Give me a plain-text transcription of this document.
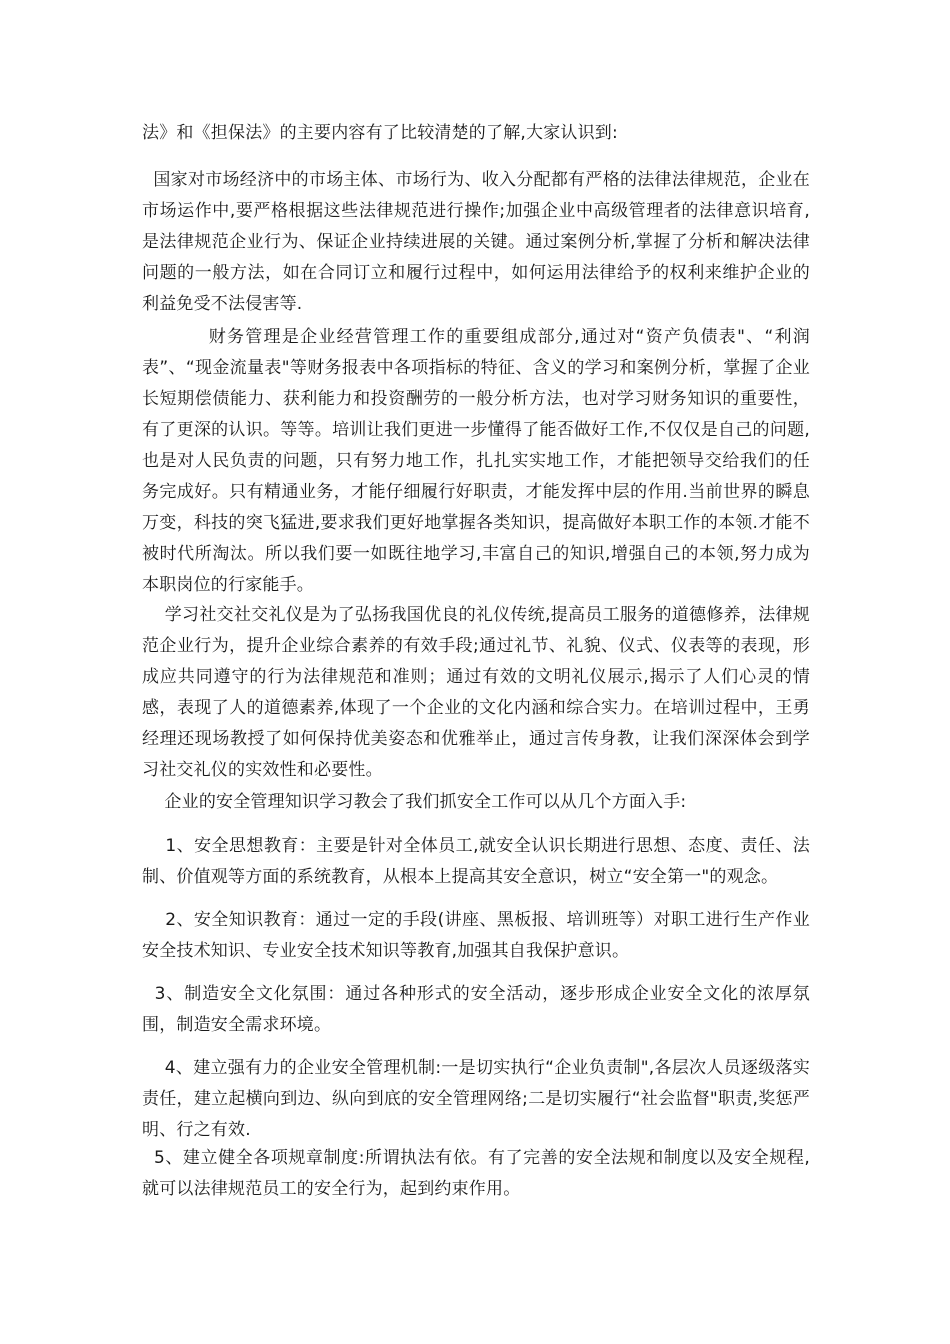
法》和《担保法》的主要内容有了比较清楚的了解,大家认识到:

国家对市场经济中的市场主体、市场行为、收入分配都有严格的法律法律规范，企业在市场运作中,要严格根据这些法律规范进行操作;加强企业中高级管理者的法律意识培育,是法律规范企业行为、保证企业持续进展的关键。通过案例分析,掌握了分析和解决法律问题的一般方法，如在合同订立和履行过程中，如何运用法律给予的权利来维护企业的利益免受不法侵害等.

财务管理是企业经营管理工作的重要组成部分,通过对“资产负债表"、“利润表”、“现金流量表"等财务报表中各项指标的特征、含义的学习和案例分析，掌握了企业长短期偿债能力、获利能力和投资酬劳的一般分析方法，也对学习财务知识的重要性，有了更深的认识。等等。培训让我们更进一步懂得了能否做好工作,不仅仅是自己的问题,也是对人民负责的问题，只有努力地工作，扎扎实实地工作，才能把领导交给我们的任务完成好。只有精通业务，才能仔细履行好职责，才能发挥中层的作用.当前世界的瞬息万变，科技的突飞猛进,要求我们更好地掌握各类知识，提高做好本职工作的本领.才能不被时代所淘汰。所以我们要一如既往地学习,丰富自己的知识,增强自己的本领,努力成为本职岗位的行家能手。

学习社交社交礼仪是为了弘扬我国优良的礼仪传统,提高员工服务的道德修养，法律规范企业行为，提升企业综合素养的有效手段;通过礼节、礼貌、仪式、仪表等的表现，形成应共同遵守的行为法律规范和准则；通过有效的文明礼仪展示,揭示了人们心灵的情感，表现了人的道德素养,体现了一个企业的文化内涵和综合实力。在培训过程中，王勇经理还现场教授了如何保持优美姿态和优雅举止，通过言传身教，让我们深深体会到学习社交礼仪的实效性和必要性。

企业的安全管理知识学习教会了我们抓安全工作可以从几个方面入手:

1、安全思想教育：主要是针对全体员工,就安全认识长期进行思想、态度、责任、法制、价值观等方面的系统教育，从根本上提高其安全意识，树立“安全第一"的观念。

2、安全知识教育：通过一定的手段(讲座、黑板报、培训班等）对职工进行生产作业安全技术知识、专业安全技术知识等教育,加强其自我保护意识。

3、制造安全文化氛围：通过各种形式的安全活动，逐步形成企业安全文化的浓厚氛围，制造安全需求环境。

4、建立强有力的企业安全管理机制:一是切实执行“企业负责制",各层次人员逐级落实责任，建立起横向到边、纵向到底的安全管理网络;二是切实履行“社会监督"职责,奖惩严明、行之有效.

5、建立健全各项规章制度:所谓执法有依。有了完善的安全法规和制度以及安全规程,就可以法律规范员工的安全行为，起到约束作用。
